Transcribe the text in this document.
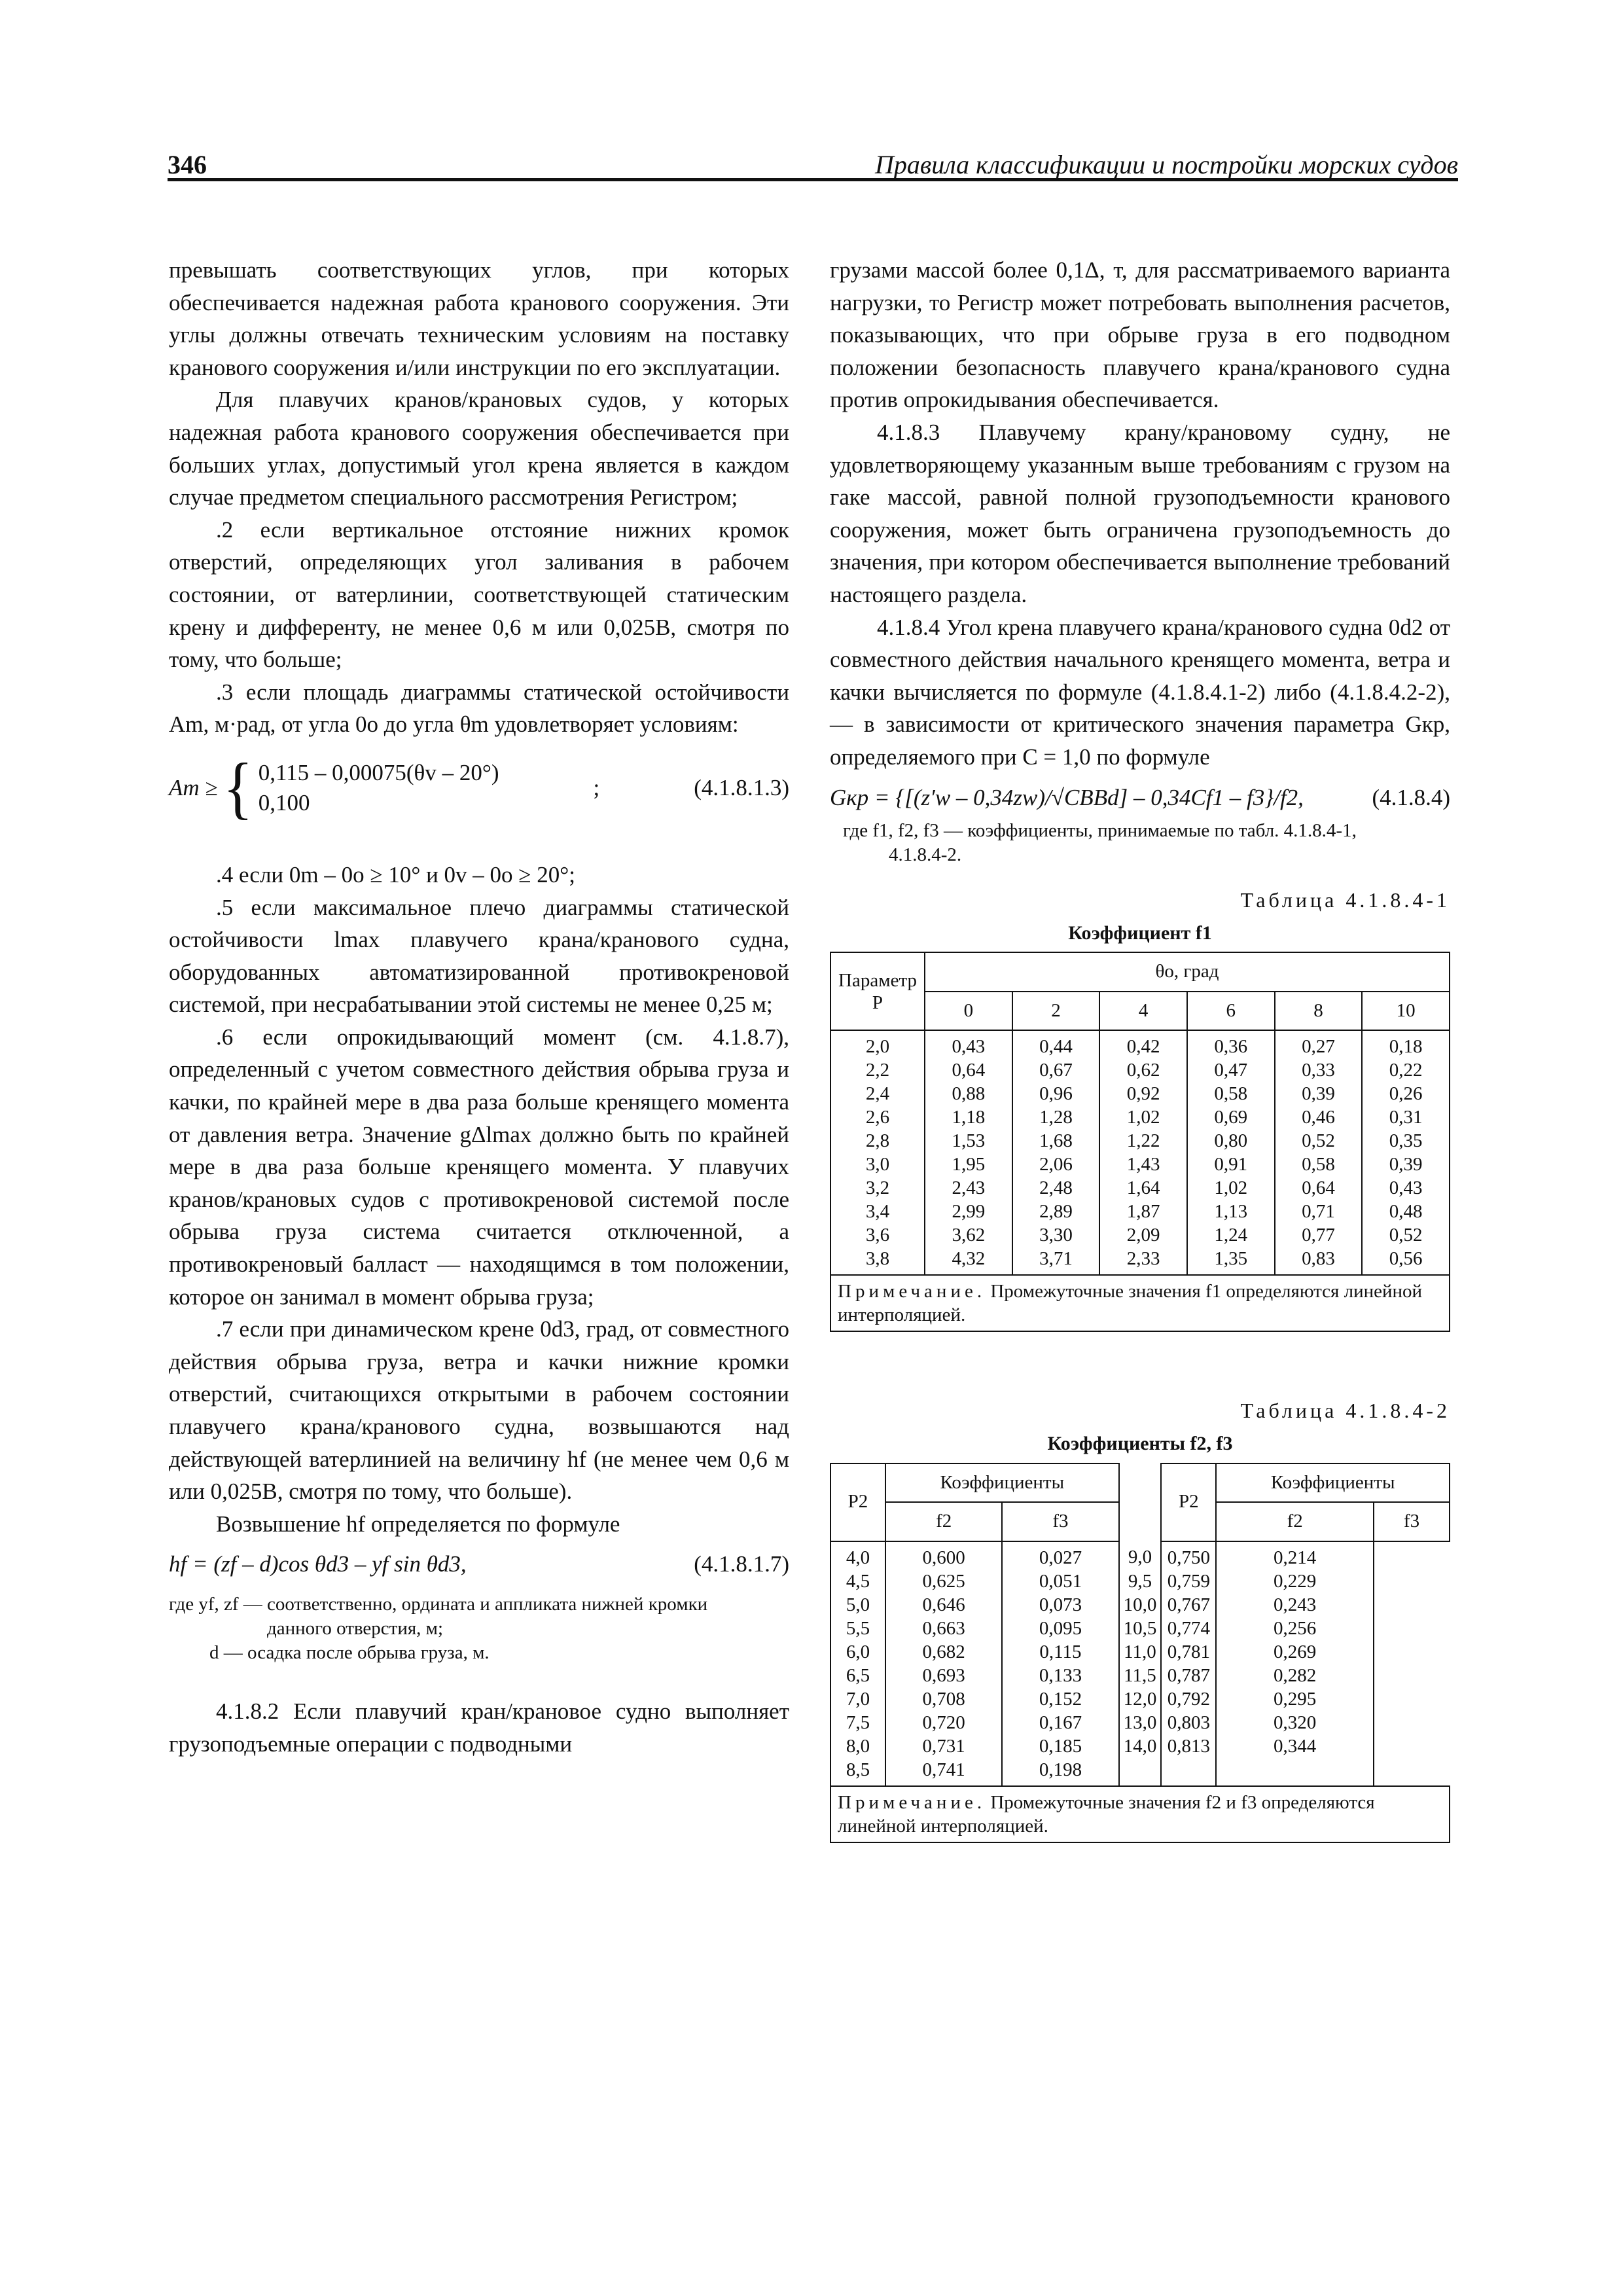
346	Правила классификации и постройки морских судов

превышать соответствующих углов, при которых обеспечивается надежная работа кранового сооружения. Эти углы должны отвечать техническим условиям на поставку кранового сооружения и/или инструкции по его эксплуатации.

Для плавучих кранов/крановых судов, у которых надежная работа кранового сооружения обеспечивается при больших углах, допустимый угол крена является в каждом случае предметом специального рассмотрения Регистром;

.2 если вертикальное отстояние нижних кромок отверстий, определяющих угол заливания в рабочем состоянии, от ватерлинии, соответствующей статическим крену и дифференту, не менее 0,6 м или 0,025B, смотря по тому, что больше;

.3 если площадь диаграммы статической остойчивости Am, м·рад, от угла 0o до угла θm удовлетворяет условиям:

Am ≥ { 0,115 – 0,00075(θv – 20°)
0,100
;	(4.1.8.1.3)

.4 если 0m – 0o ≥ 10° и 0v – 0o ≥ 20°;

.5 если максимальное плечо диаграммы статической остойчивости lmax плавучего крана/кранового судна, оборудованных автоматизированной противокреновой системой, при несрабатывании этой системы не менее 0,25 м;

.6 если опрокидывающий момент (см. 4.1.8.7), определенный с учетом совместного действия обрыва груза и качки, по крайней мере в два раза больше кренящего момента от давления ветра. Значение gΔlmax должно быть по крайней мере в два раза больше кренящего момента. У плавучих кранов/крановых судов с противокреновой системой после обрыва груза система считается отключенной, а противокреновый балласт — находящимся в том положении, которое он занимал в момент обрыва груза;

.7 если при динамическом крене 0d3, град, от совместного действия обрыва груза, ветра и качки нижние кромки отверстий, считающихся открытыми в рабочем состоянии плавучего крана/кранового судна, возвышаются над действующей ватерлинией на величину hf (не менее чем 0,6 м или 0,025B, смотря по тому, что больше).

Возвышение hf определяется по формуле

hf = (zf – d)cos θd3 – yf sin θd3,	(4.1.8.1.7)
где yf, zf — соответственно, ордината и аппликата нижней кромки
данного отверстия, м;
d — осадка после обрыва груза, м.

4.1.8.2 Если плавучий кран/крановое судно выполняет грузоподъемные операции с подводными

грузами массой более 0,1Δ, т, для рассматриваемого варианта нагрузки, то Регистр может потребовать выполнения расчетов, показывающих, что при обрыве груза в его подводном положении безопасность плавучего крана/кранового судна против опрокидывания обеспечивается.

4.1.8.3 Плавучему крану/крановому судну, не удовлетворяющему указанным выше требованиям с грузом на гаке массой, равной полной грузоподъемности кранового сооружения, может быть ограничена грузоподъемность до значения, при котором обеспечивается выполнение требований настоящего раздела.

4.1.8.4 Угол крена плавучего крана/кранового судна 0d2 от совместного действия начального кренящего момента, ветра и качки вычисляется по формуле (4.1.8.4.1-2) либо (4.1.8.4.2-2), — в зависимости от критического значения параметра Gкр, определяемого при C = 1,0 по формуле

Gкр = {[(z′w – 0,34zw)/√CBBd] – 0,34Cf1 – f3}/f2,	(4.1.8.4)
где f1, f2, f3 — коэффициенты, принимаемые по табл. 4.1.8.4-1,
4.1.8.4-2.
Таблица 4.1.8.4-1
Коэффициент f1
Параметр P	θo, град					
	0	2	4	6	8	10
2,0	0,43	0,44	0,42	0,36	0,27	0,18
2,2	0,64	0,67	0,62	0,47	0,33	0,22
2,4	0,88	0,96	0,92	0,58	0,39	0,26
2,6	1,18	1,28	1,02	0,69	0,46	0,31
2,8	1,53	1,68	1,22	0,80	0,52	0,35
3,0	1,95	2,06	1,43	0,91	0,58	0,39
3,2	2,43	2,48	1,64	1,02	0,64	0,43
3,4	2,99	2,89	1,87	1,13	0,71	0,48
3,6	3,62	3,30	2,09	1,24	0,77	0,52
3,8	4,32	3,71	2,33	1,35	0,83	0,56
Примечание. Промежуточные значения f1 определяются линейной интерполяцией.						
Таблица 4.1.8.4-2
Коэффициенты f2, f3
P2	Коэффициенты			P2	Коэффициенты	
	f2	f3			f2	f3
4,0	0,600	0,027	9,0	0,750	0,214	
4,5	0,625	0,051	9,5	0,759	0,229	
5,0	0,646	0,073	10,0	0,767	0,243	
5,5	0,663	0,095	10,5	0,774	0,256	
6,0	0,682	0,115	11,0	0,781	0,269	
6,5	0,693	0,133	11,5	0,787	0,282	
7,0	0,708	0,152	12,0	0,792	0,295	
7,5	0,720	0,167	13,0	0,803	0,320	
8,0	0,731	0,185	14,0	0,813	0,344	
8,5	0,741	0,198				
Примечание. Промежуточные значения f2 и f3 определяются линейной интерполяцией.						
